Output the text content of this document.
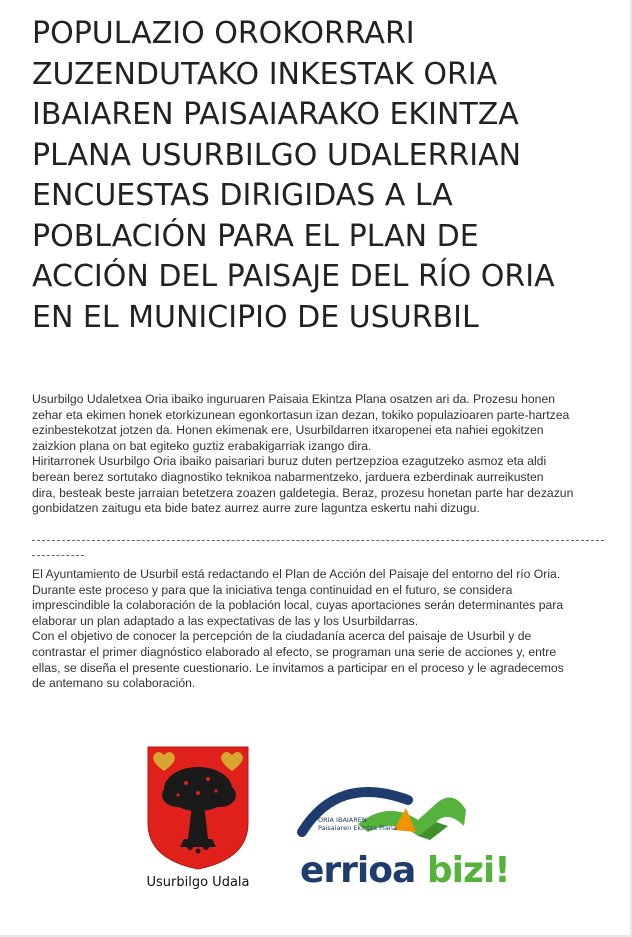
POPULAZIO OROKORRARI
ZUZENDUTAKO INKESTAK ORIA
IBAIAREN PAISAIARAKO EKINTZA
PLANA USURBILGO UDALERRIAN
ENCUESTAS DIRIGIDAS A LA
POBLACIÓN PARA EL PLAN DE
ACCIÓN DEL PAISAJE DEL RÍO ORIA
EN EL MUNICIPIO DE USURBIL

Usurbilgo Udaletxea Oria ibaiko inguruaren Paisaia Ekintza Plana osatzen ari da. Prozesu honen

zehar eta ekimen honek etorkizunean egonkortasun izan dezan, tokiko populazioaren parte-hartzea

ezinbestekotzat jotzen da. Honen ekimenak ere, Usurbildarren itxaropenei eta nahiei egokitzen

zaizkion plana on bat egiteko guztiz erabakigarriak izango dira.

Hiritarronek Usurbilgo Oria ibaiko paisariari buruz duten pertzepzioa ezagutzeko asmoz eta aldi

berean berez sortutako diagnostiko teknikoa nabarmentzeko, jarduera ezberdinak aurreikusten

dira, besteak beste jarraian betetzera zoazen galdetegia. Beraz, prozesu honetan parte har dezazun

gonbidatzen zaitugu eta bide batez aurrez aurre zure laguntza eskertu nahi dizugu.

El Ayuntamiento de Usurbil está redactando el Plan de Acción del Paisaje del entorno del río Oria.

Durante este proceso y para que la iniciativa tenga continuidad en el futuro, se considera

imprescindible la colaboración de la población local, cuyas aportaciones serán determinantes para

elaborar un plan adaptado a las expectativas de las y los Usurbildarras.

Con el objetivo de conocer la percepción de la ciudadanía acerca del paisaje de Usurbil y de

contrastar el primer diagnóstico elaborado al efecto, se programan una serie de acciones y, entre

ellas, se diseña el presente cuestionario. Le invitamos a participar en el proceso y le agradecemos

de antemano su colaboración.

Usurbilgo Udala
ORIA IBAIAREN
Paisaiaren Ekintza Plana
errioa bizi!
